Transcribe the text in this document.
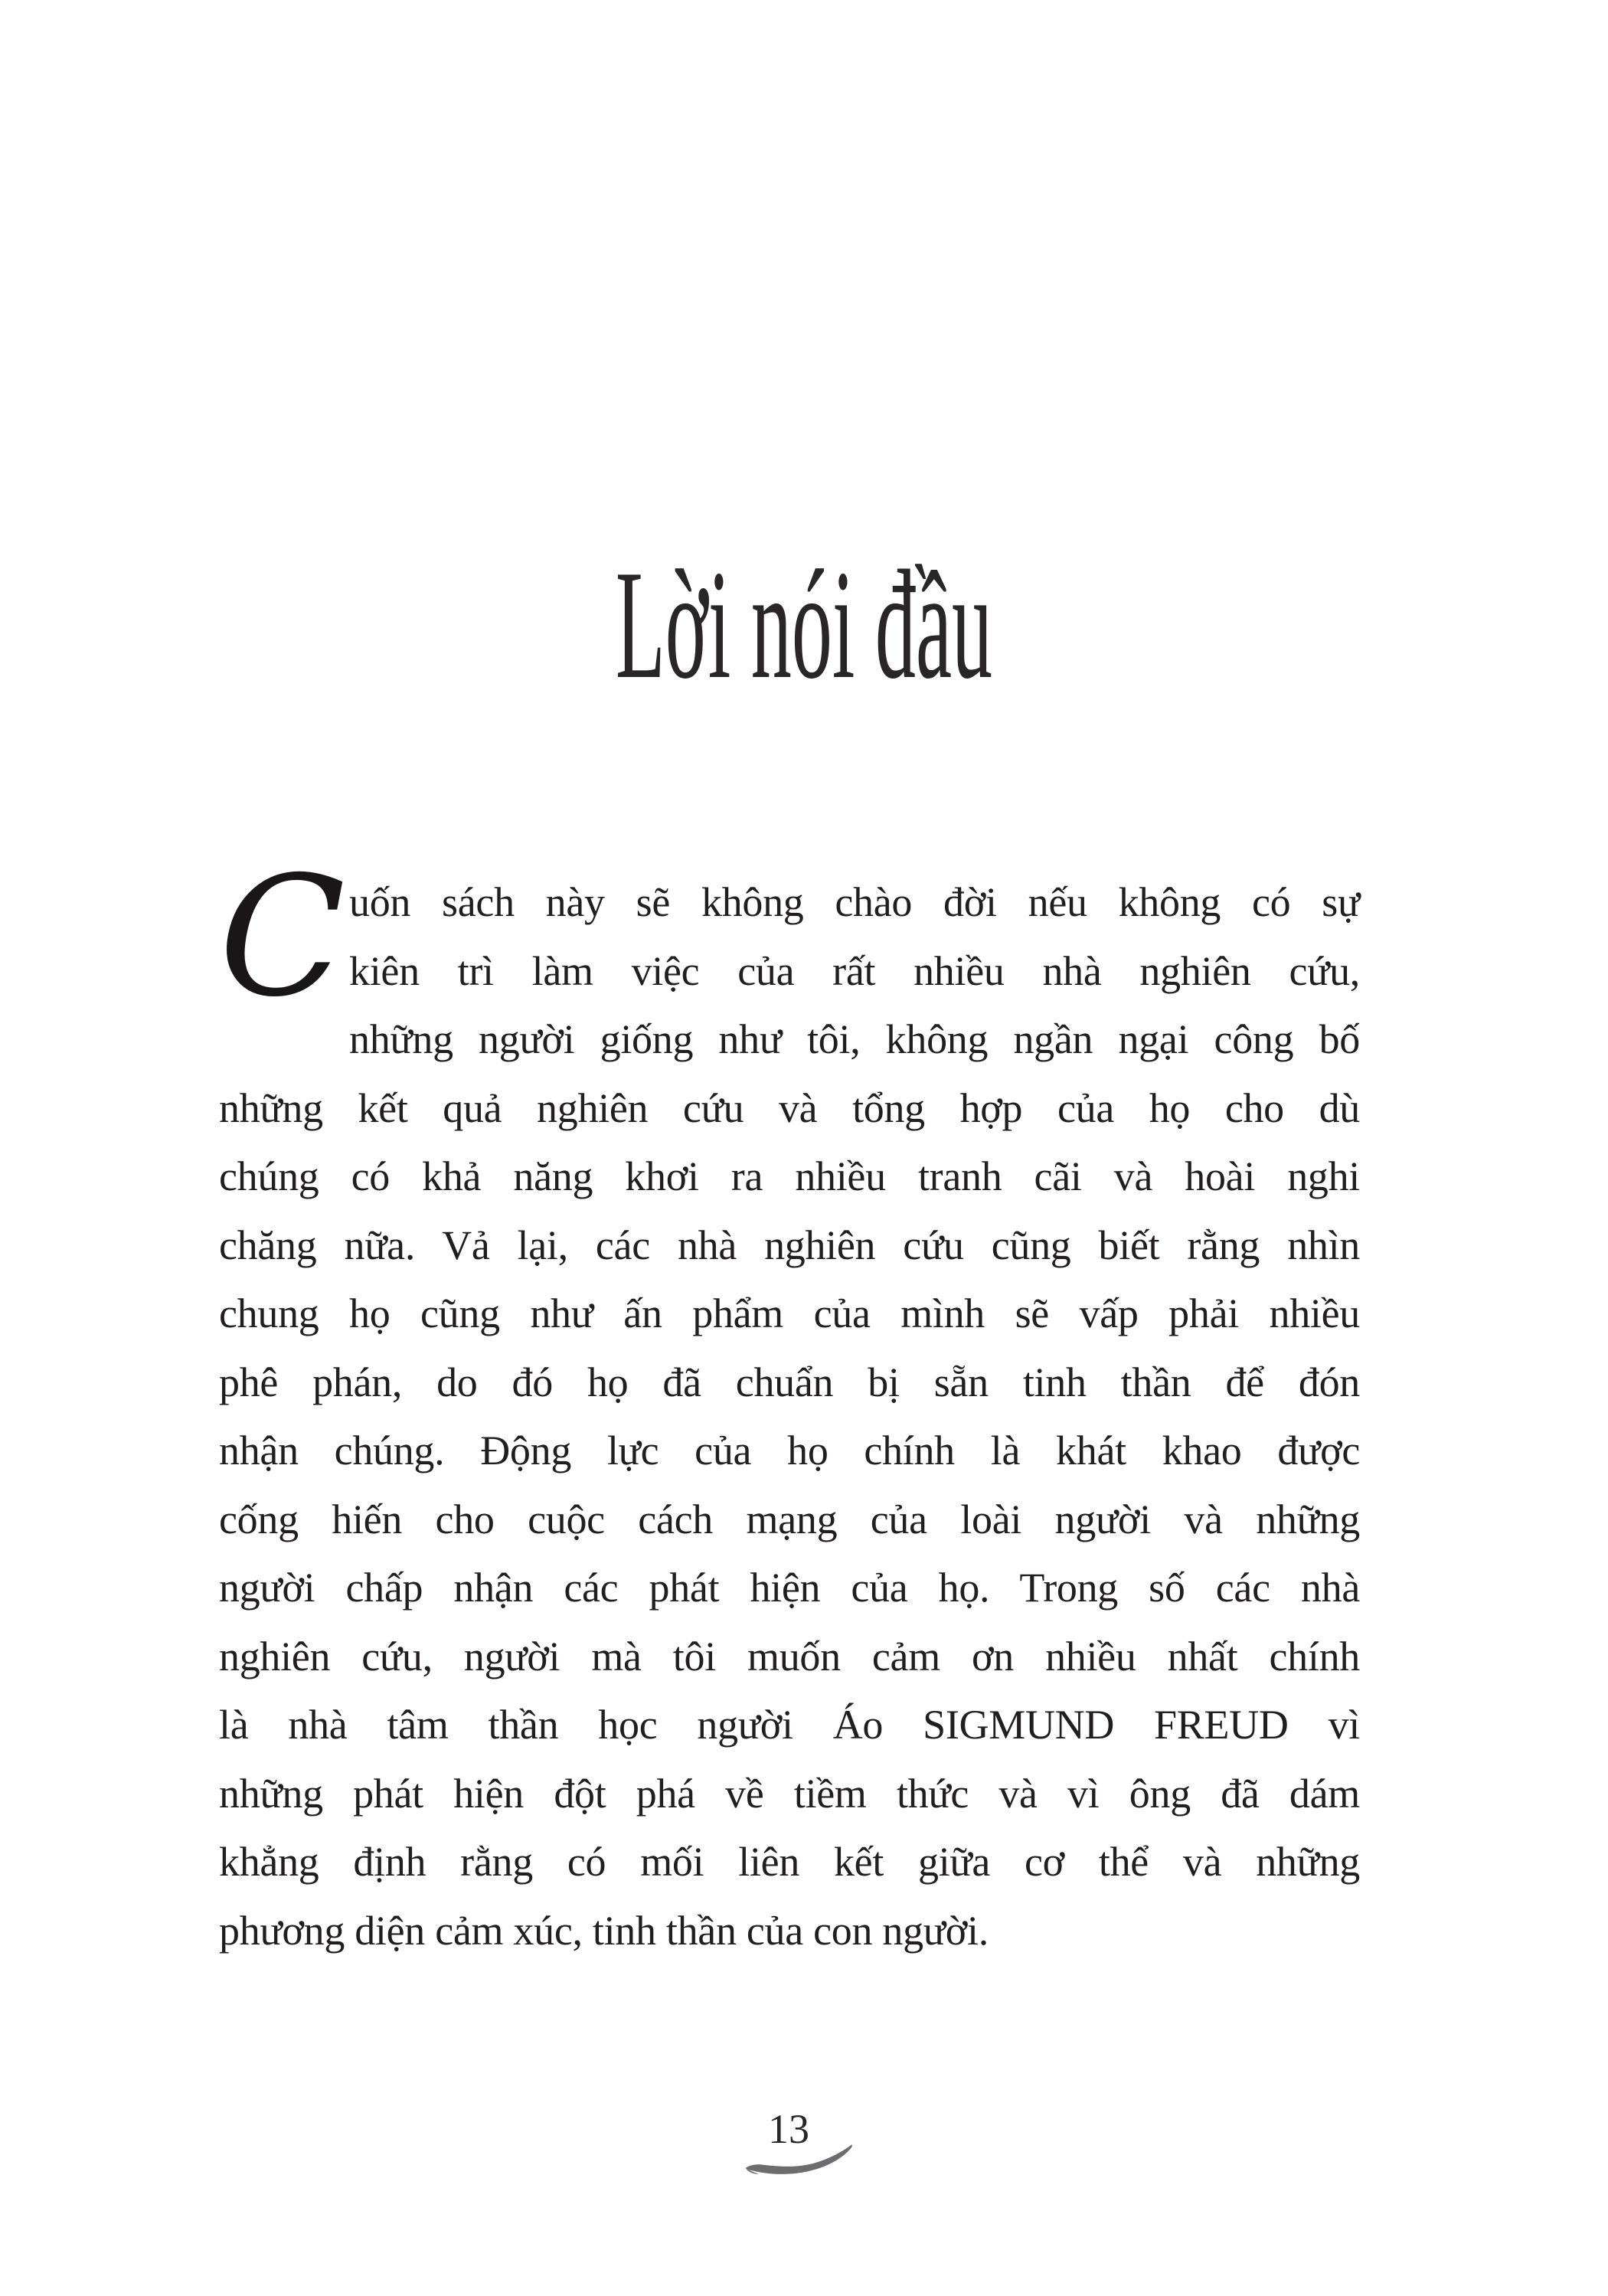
Lời nói đầu
C uốn sách này sẽ không chào đời nếu không có sự
kiên trì làm việc của rất nhiều nhà nghiên cứu,
những người giống như tôi, không ngần ngại công bố
những kết quả nghiên cứu và tổng hợp của họ cho dù
chúng có khả năng khơi ra nhiều tranh cãi và hoài nghi
chăng nữa. Vả lại, các nhà nghiên cứu cũng biết rằng nhìn
chung họ cũng như ấn phẩm của mình sẽ vấp phải nhiều
phê phán, do đó họ đã chuẩn bị sẵn tinh thần để đón
nhận chúng. Động lực của họ chính là khát khao được
cống hiến cho cuộc cách mạng của loài người và những
người chấp nhận các phát hiện của họ. Trong số các nhà
nghiên cứu, người mà tôi muốn cảm ơn nhiều nhất chính
là nhà tâm thần học người Áo SIGMUND FREUD vì
những phát hiện đột phá về tiềm thức và vì ông đã dám
khẳng định rằng có mối liên kết giữa cơ thể và những
phương diện cảm xúc, tinh thần của con người.
13
